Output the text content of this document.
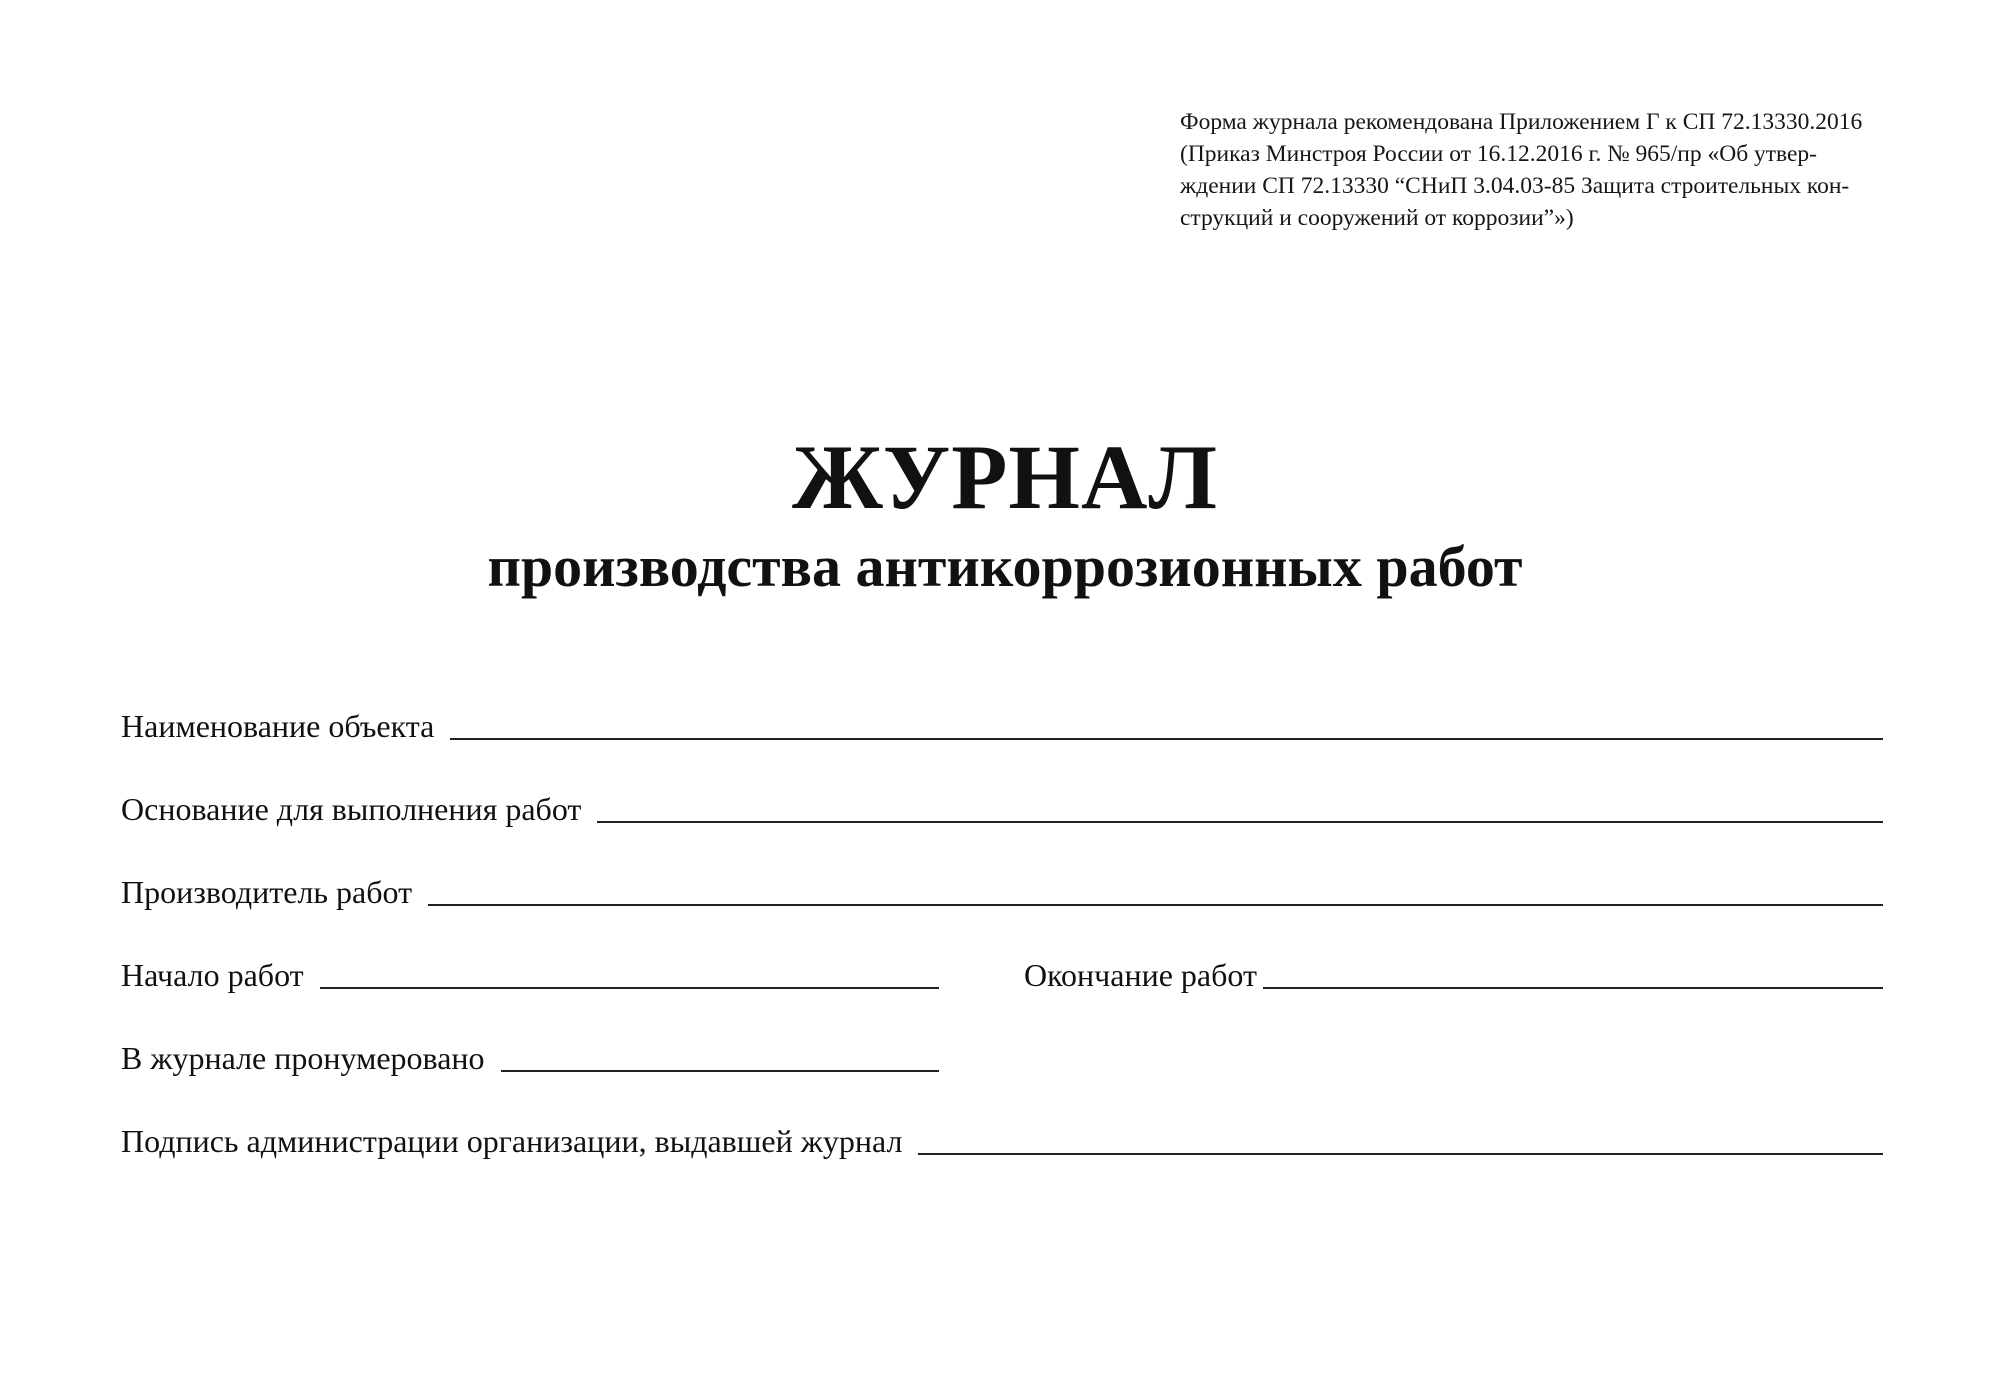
Форма журнала рекомендована Приложением Г к СП 72.13330.2016
(Приказ Минстроя России от 16.12.2016 г. № 965/пр «Об утвер-
ждении СП 72.13330 “СНиП 3.04.03-85 Защита строительных кон-
струкций и сооружений от коррозии”»)
ЖУРНАЛ
производства антикоррозионных работ
Наименование объекта
Основание для выполнения работ
Производитель работ
Начало работ	Окончание работ
В журнале пронумеровано
Подпись администрации организации, выдавшей журнал
